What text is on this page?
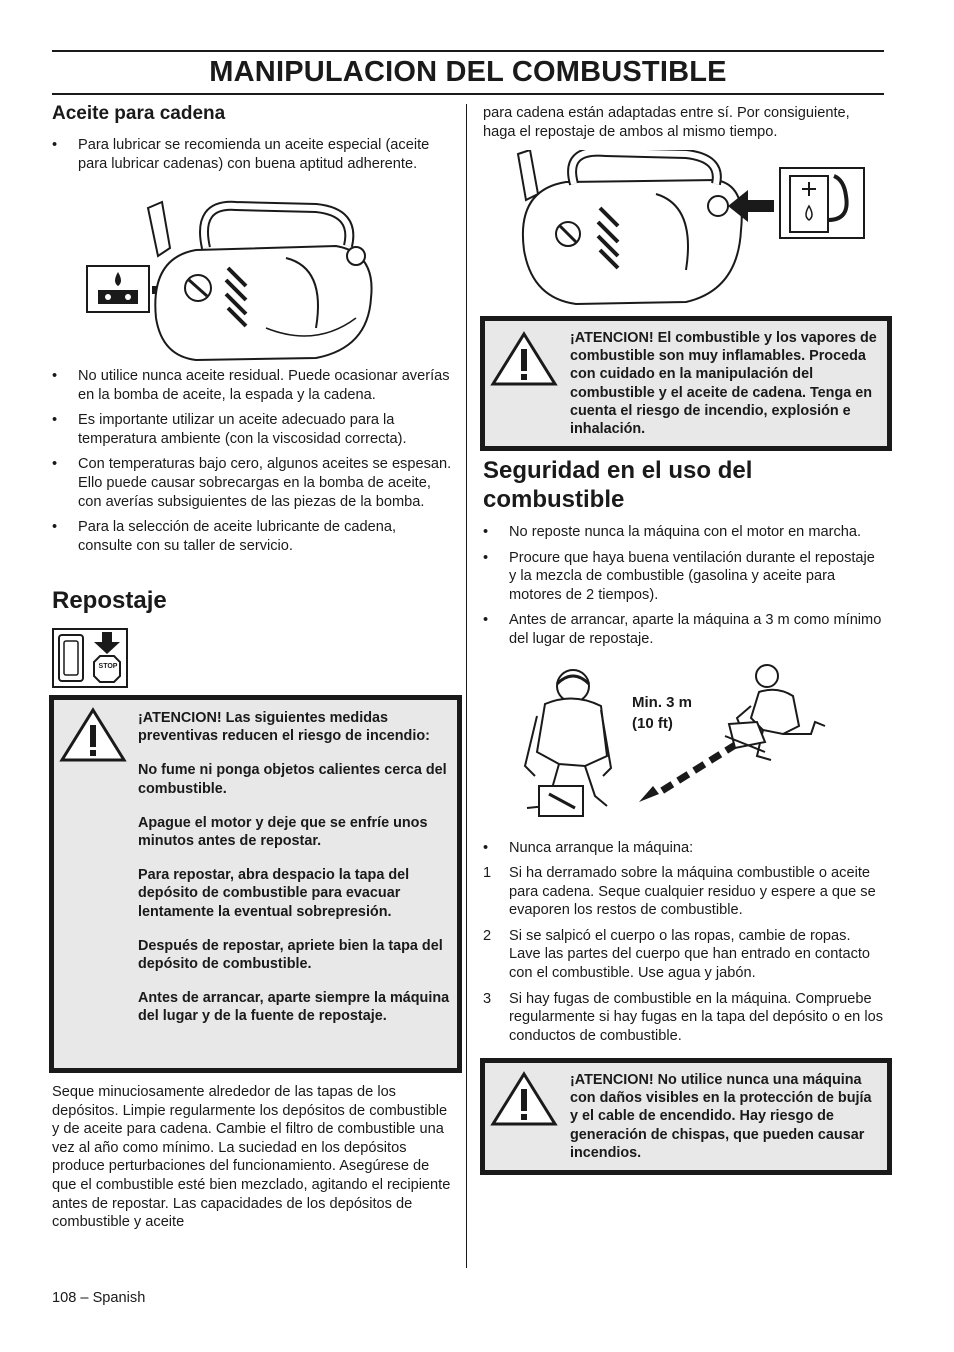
MANIPULACION DEL COMBUSTIBLE
Aceite para cadena
• Para lubricar se recomienda un aceite especial (aceite para lubricar cadenas) con buena aptitud adherente.
• No utilice nunca aceite residual. Puede ocasionar averías en la bomba de aceite, la espada y la cadena.
• Es importante utilizar un aceite adecuado para la temperatura ambiente (con la viscosidad correcta).
• Con temperaturas bajo cero, algunos aceites se espesan. Ello puede causar sobrecargas en la bomba de aceite, con averías subsiguientes de las piezas de la bomba.
• Para la selección de aceite lubricante de cadena, consulte con su taller de servicio.
Repostaje
STOP

¡ATENCION! Las siguientes medidas preventivas reducen el riesgo de incendio:

No fume ni ponga objetos calientes cerca del combustible.

Apague el motor y deje que se enfríe unos minutos antes de repostar.

Para repostar, abra despacio la tapa del depósito de combustible para evacuar lentamente la eventual sobrepresión.

Después de repostar, apriete bien la tapa del depósito de combustible.

Antes de arrancar, aparte siempre la máquina del lugar y de la fuente de repostaje.

Seque minuciosamente alrededor de las tapas de los depósitos. Limpie regularmente los depósitos de combustible y de aceite para cadena. Cambie el filtro de combustible una vez al año como mínimo. La suciedad en los depósitos produce perturbaciones del funcionamiento. Asegúrese de que el combustible esté bien mezclado, agitando el recipiente antes de repostar. Las capacidades de los depósitos de combustible y aceite
para cadena están adaptadas entre sí. Por consiguiente, haga el repostaje de ambos al mismo tiempo.
¡ATENCION! El combustible y los vapores de combustible son muy inflamables. Proceda con cuidado en la manipulación del combustible y el aceite de cadena. Tenga en cuenta el riesgo de incendio, explosión e inhalación.
Seguridad en el uso del combustible
• No reposte nunca la máquina con el motor en marcha.
• Procure que haya buena ventilación durante el repostaje y la mezcla de combustible (gasolina y aceite para motores de 2 tiempos).
• Antes de arrancar, aparte la máquina a 3 m como mínimo del lugar de repostaje.
Min. 3 m
(10 ft)
• Nunca arranque la máquina:
1 Si ha derramado sobre la máquina combustible o aceite para cadena. Seque cualquier residuo y espere a que se evaporen los restos de combustible.
2 Si se salpicó el cuerpo o las ropas, cambie de ropas. Lave las partes del cuerpo que han entrado en contacto con el combustible. Use agua y jabón.
3 Si hay fugas de combustible en la máquina. Compruebe regularmente si hay fugas en la tapa del depósito o en los conductos de combustible.
¡ATENCION! No utilice nunca una máquina con daños visibles en la protección de bujía y el cable de encendido. Hay riesgo de generación de chispas, que pueden causar incendios.
108 – Spanish
